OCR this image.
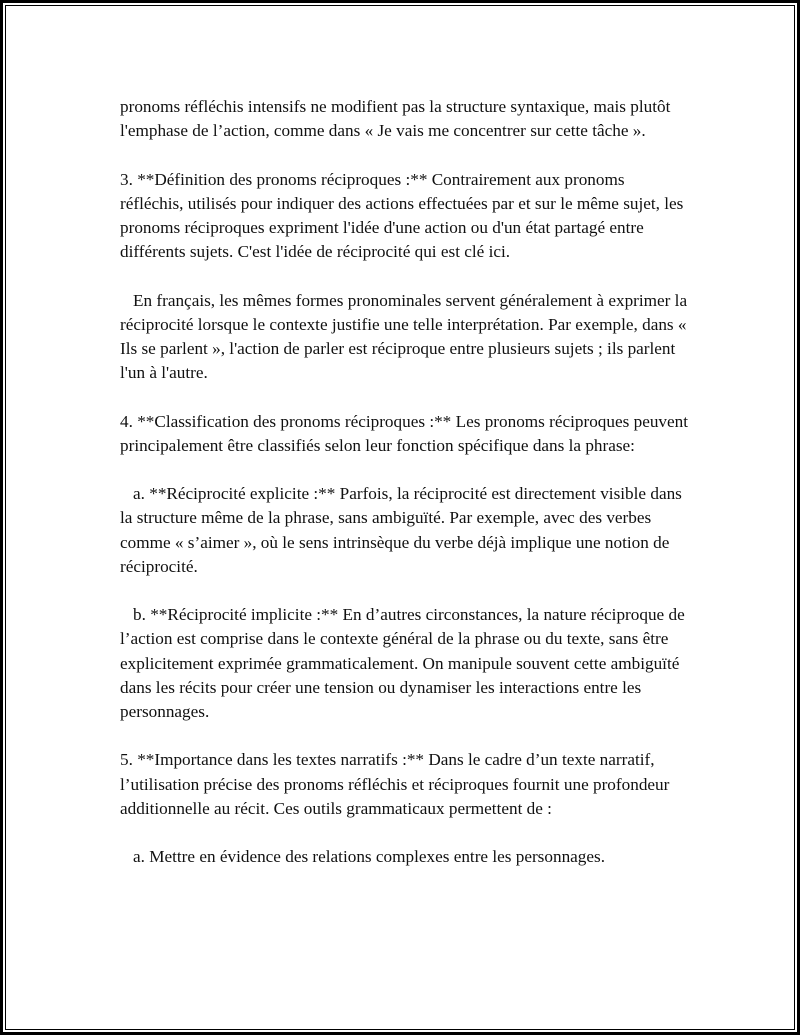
pronoms réfléchis intensifs ne modifient pas la structure syntaxique, mais plutôt l'emphase de l’action, comme dans « Je vais me concentrer sur cette tâche ».

3. **Définition des pronoms réciproques :** Contrairement aux pronoms réfléchis, utilisés pour indiquer des actions effectuées par et sur le même sujet, les pronoms réciproques expriment l'idée d'une action ou d'un état partagé entre différents sujets. C'est l'idée de réciprocité qui est clé ici.

En français, les mêmes formes pronominales servent généralement à exprimer la réciprocité lorsque le contexte justifie une telle interprétation. Par exemple, dans « Ils se parlent », l'action de parler est réciproque entre plusieurs sujets ; ils parlent l'un à l'autre.

4. **Classification des pronoms réciproques :** Les pronoms réciproques peuvent principalement être classifiés selon leur fonction spécifique dans la phrase:

a. **Réciprocité explicite :** Parfois, la réciprocité est directement visible dans la structure même de la phrase, sans ambiguïté. Par exemple, avec des verbes comme « s’aimer », où le sens intrinsèque du verbe déjà implique une notion de réciprocité.

b. **Réciprocité implicite :** En d’autres circonstances, la nature réciproque de l’action est comprise dans le contexte général de la phrase ou du texte, sans être explicitement exprimée grammaticalement. On manipule souvent cette ambiguïté dans les récits pour créer une tension ou dynamiser les interactions entre les personnages.

5. **Importance dans les textes narratifs :** Dans le cadre d’un texte narratif, l’utilisation précise des pronoms réfléchis et réciproques fournit une profondeur additionnelle au récit. Ces outils grammaticaux permettent de :

a. Mettre en évidence des relations complexes entre les personnages.
